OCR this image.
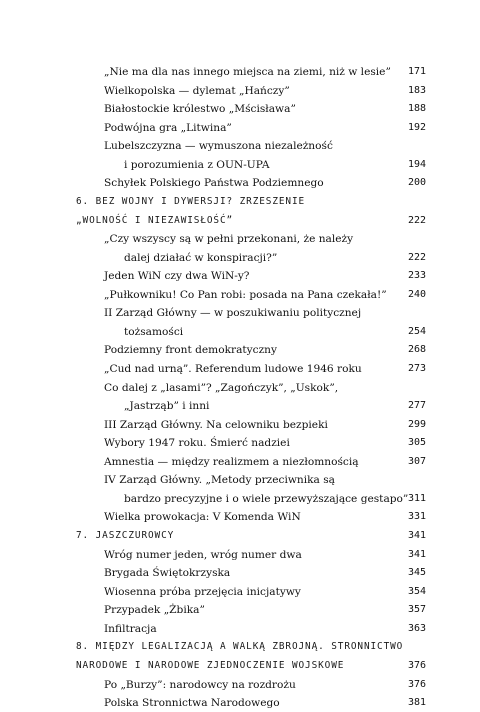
„Nie ma dla nas innego miejsca na ziemi, niż w lesie”	171
Wielkopolska — dylemat „Hańczy”	183
Białostockie królestwo „Mścisława”	188
Podwójna gra „Litwina”	192
Lubelszczyzna — wymuszona niezależność
i porozumienia z OUN-UPA	194
Schyłek Polskiego Państwa Podziemnego	200
6. BEZ WOJNY I DYWERSJI? ZRZESZENIE
„WOLNOŚĆ I NIEZAWISŁOŚĆ”	222
„Czy wszyscy są w pełni przekonani, że należy
dalej działać w konspiracji?”	222
Jeden WiN czy dwa WiN-y?	233
„Pułkowniku! Co Pan robi: posada na Pana czekała!”	240
II Zarząd Główny — w poszukiwaniu politycznej
tożsamości	254
Podziemny front demokratyczny	268
„Cud nad urną”. Referendum ludowe 1946 roku	273
Co dalej z „lasami”? „Zagończyk”, „Uskok”,
„Jastrząb” i inni	277
III Zarząd Główny. Na celowniku bezpieki	299
Wybory 1947 roku. Śmierć nadziei	305
Amnestia — między realizmem a niezłomnością	307
IV Zarząd Główny. „Metody przeciwnika są
bardzo precyzyjne i o wiele przewyższające gestapo” 311
Wielka prowokacja: V Komenda WiN	331
7. JASZCZUROWCY	341
Wróg numer jeden, wróg numer dwa	341
Brygada Świętokrzyska	345
Wiosenna próba przejęcia inicjatywy	354
Przypadek „Żbika”	357
Infiltracja	363
8. MIĘDZY LEGALIZACJĄ A WALKĄ ZBROJNĄ. STRONNICTWO
NARODOWE I NARODOWE ZJEDNOCZENIE WOJSKOWE	376
Po „Burzy”: narodowcy na rozdrożu	376
Polska Stronnictwa Narodowego	381
